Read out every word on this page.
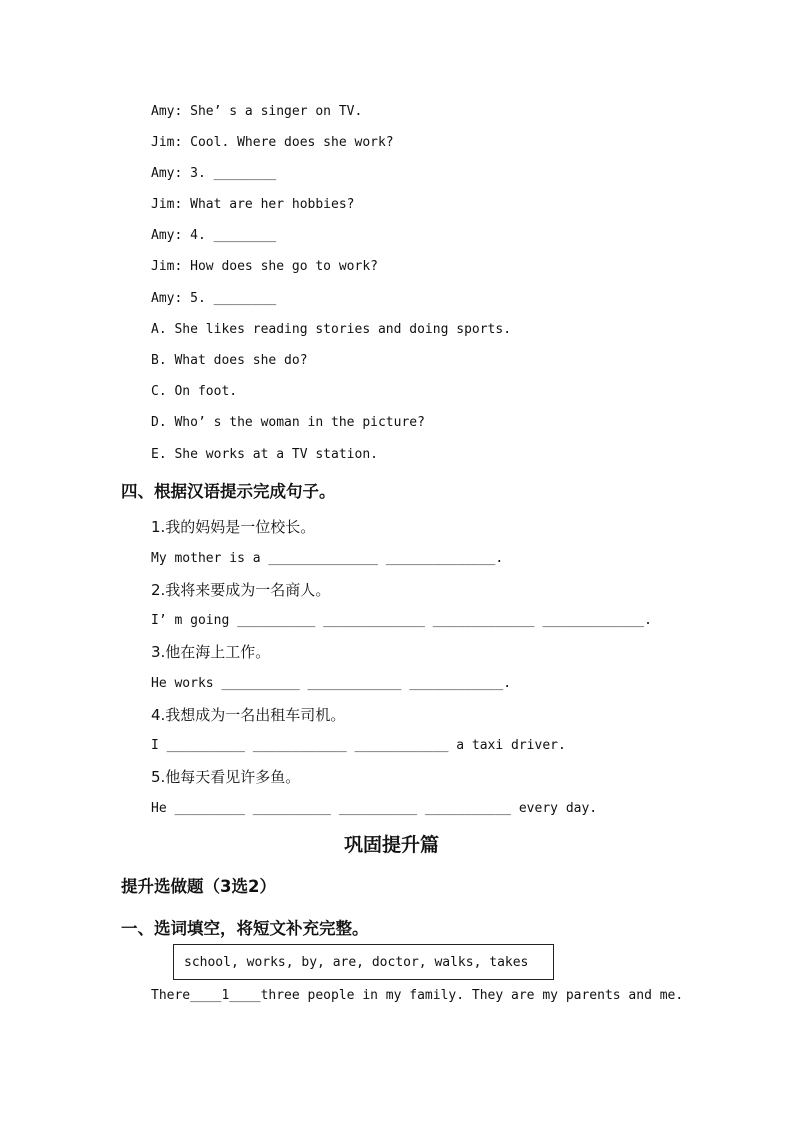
Amy: She’ s a singer on TV.
Jim: Cool. Where does she work?
Amy: 3. ________
Jim: What are her hobbies?
Amy: 4. ________
Jim: How does she go to work?
Amy: 5. ________
A. She likes reading stories and doing sports.
B. What does she do?
C. On foot.
D. Who’ s the woman in the picture?
E. She works at a TV station.
四、根据汉语提示完成句子。
1.我的妈妈是一位校长。
My mother is a ______________ ______________.
2.我将来要成为一名商人。
I’ m going __________ _____________ _____________ _____________.
3.他在海上工作。
He works __________ ____________ ____________.
4.我想成为一名出租车司机。
I __________ ____________ ____________ a taxi driver.
5.他每天看见许多鱼。
He _________ __________ __________ ___________ every day.
巩固提升篇
提升选做题（3选2）
一、选词填空，将短文补充完整。
school, works, by, are, doctor, walks, takes
There____1____three people in my family. They are my parents and me.
